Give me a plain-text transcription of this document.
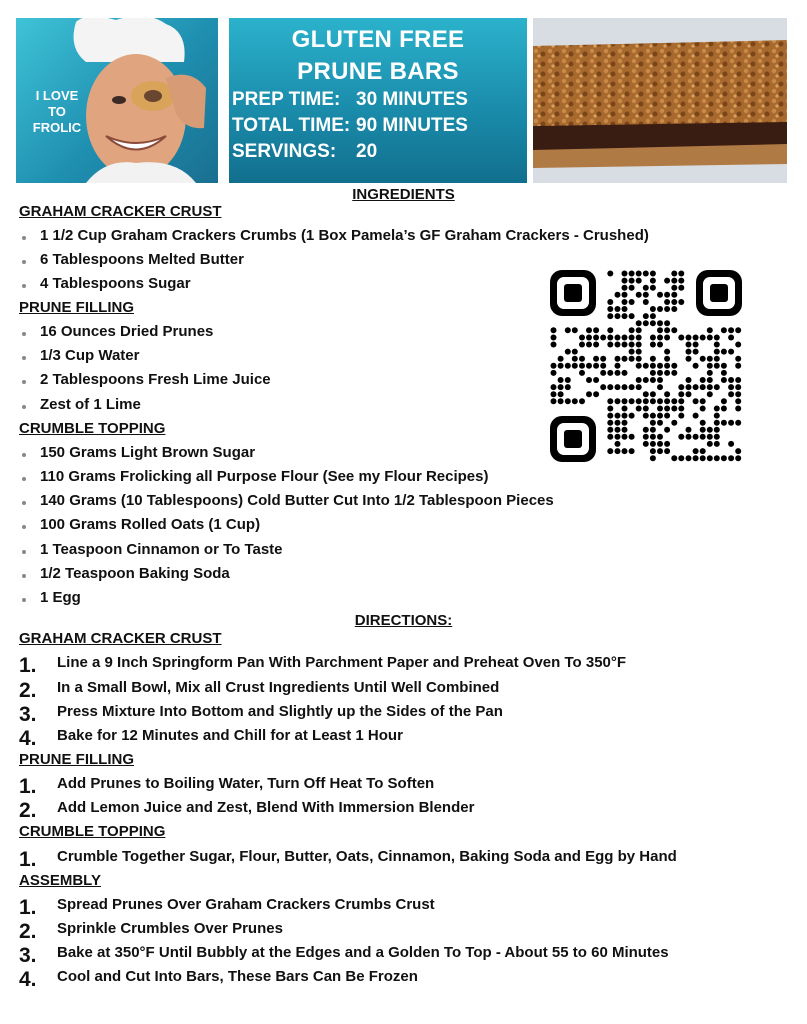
I LOVE TO FROLIC
GLUTEN FREE
PRUNE BARS
PREP TIME: 30 MINUTES
TOTAL TIME: 90 MINUTES
SERVINGS: 20
INGREDIENTS
GRAHAM CRACKER CRUST
1 1/2 Cup Graham Crackers Crumbs (1 Box Pamela’s GF Graham Crackers - Crushed)
6 Tablespoons Melted Butter
4 Tablespoons Sugar
PRUNE FILLING
16 Ounces Dried Prunes
1/3 Cup Water
2 Tablespoons Fresh Lime Juice
Zest of 1 Lime
CRUMBLE TOPPING
150 Grams Light Brown Sugar
110 Grams Frolicking all Purpose Flour (See my Flour Recipes)
140 Grams (10 Tablespoons) Cold Butter Cut Into 1/2 Tablespoon Pieces
100 Grams Rolled Oats (1 Cup)
1 Teaspoon Cinnamon or To Taste
1/2 Teaspoon Baking Soda
1 Egg
DIRECTIONS:
GRAHAM CRACKER CRUST
1. Line a 9 Inch Springform Pan With Parchment Paper and Preheat Oven To 350°F
2. In a Small Bowl, Mix all Crust Ingredients Until Well Combined
3. Press Mixture Into Bottom and Slightly up the Sides of the Pan
4. Bake for 12 Minutes and Chill for at Least 1 Hour
PRUNE FILLING
1. Add Prunes to Boiling Water, Turn Off Heat To Soften
2. Add Lemon Juice and Zest, Blend With Immersion Blender
CRUMBLE TOPPING
1. Crumble Together Sugar, Flour, Butter, Oats, Cinnamon, Baking Soda and Egg by Hand
ASSEMBLY
1. Spread Prunes Over Graham Crackers Crumbs Crust
2. Sprinkle Crumbles Over Prunes
3. Bake at 350°F Until Bubbly at the Edges and a Golden To Top - About 55 to 60 Minutes
4. Cool and Cut Into Bars, These Bars Can Be Frozen
